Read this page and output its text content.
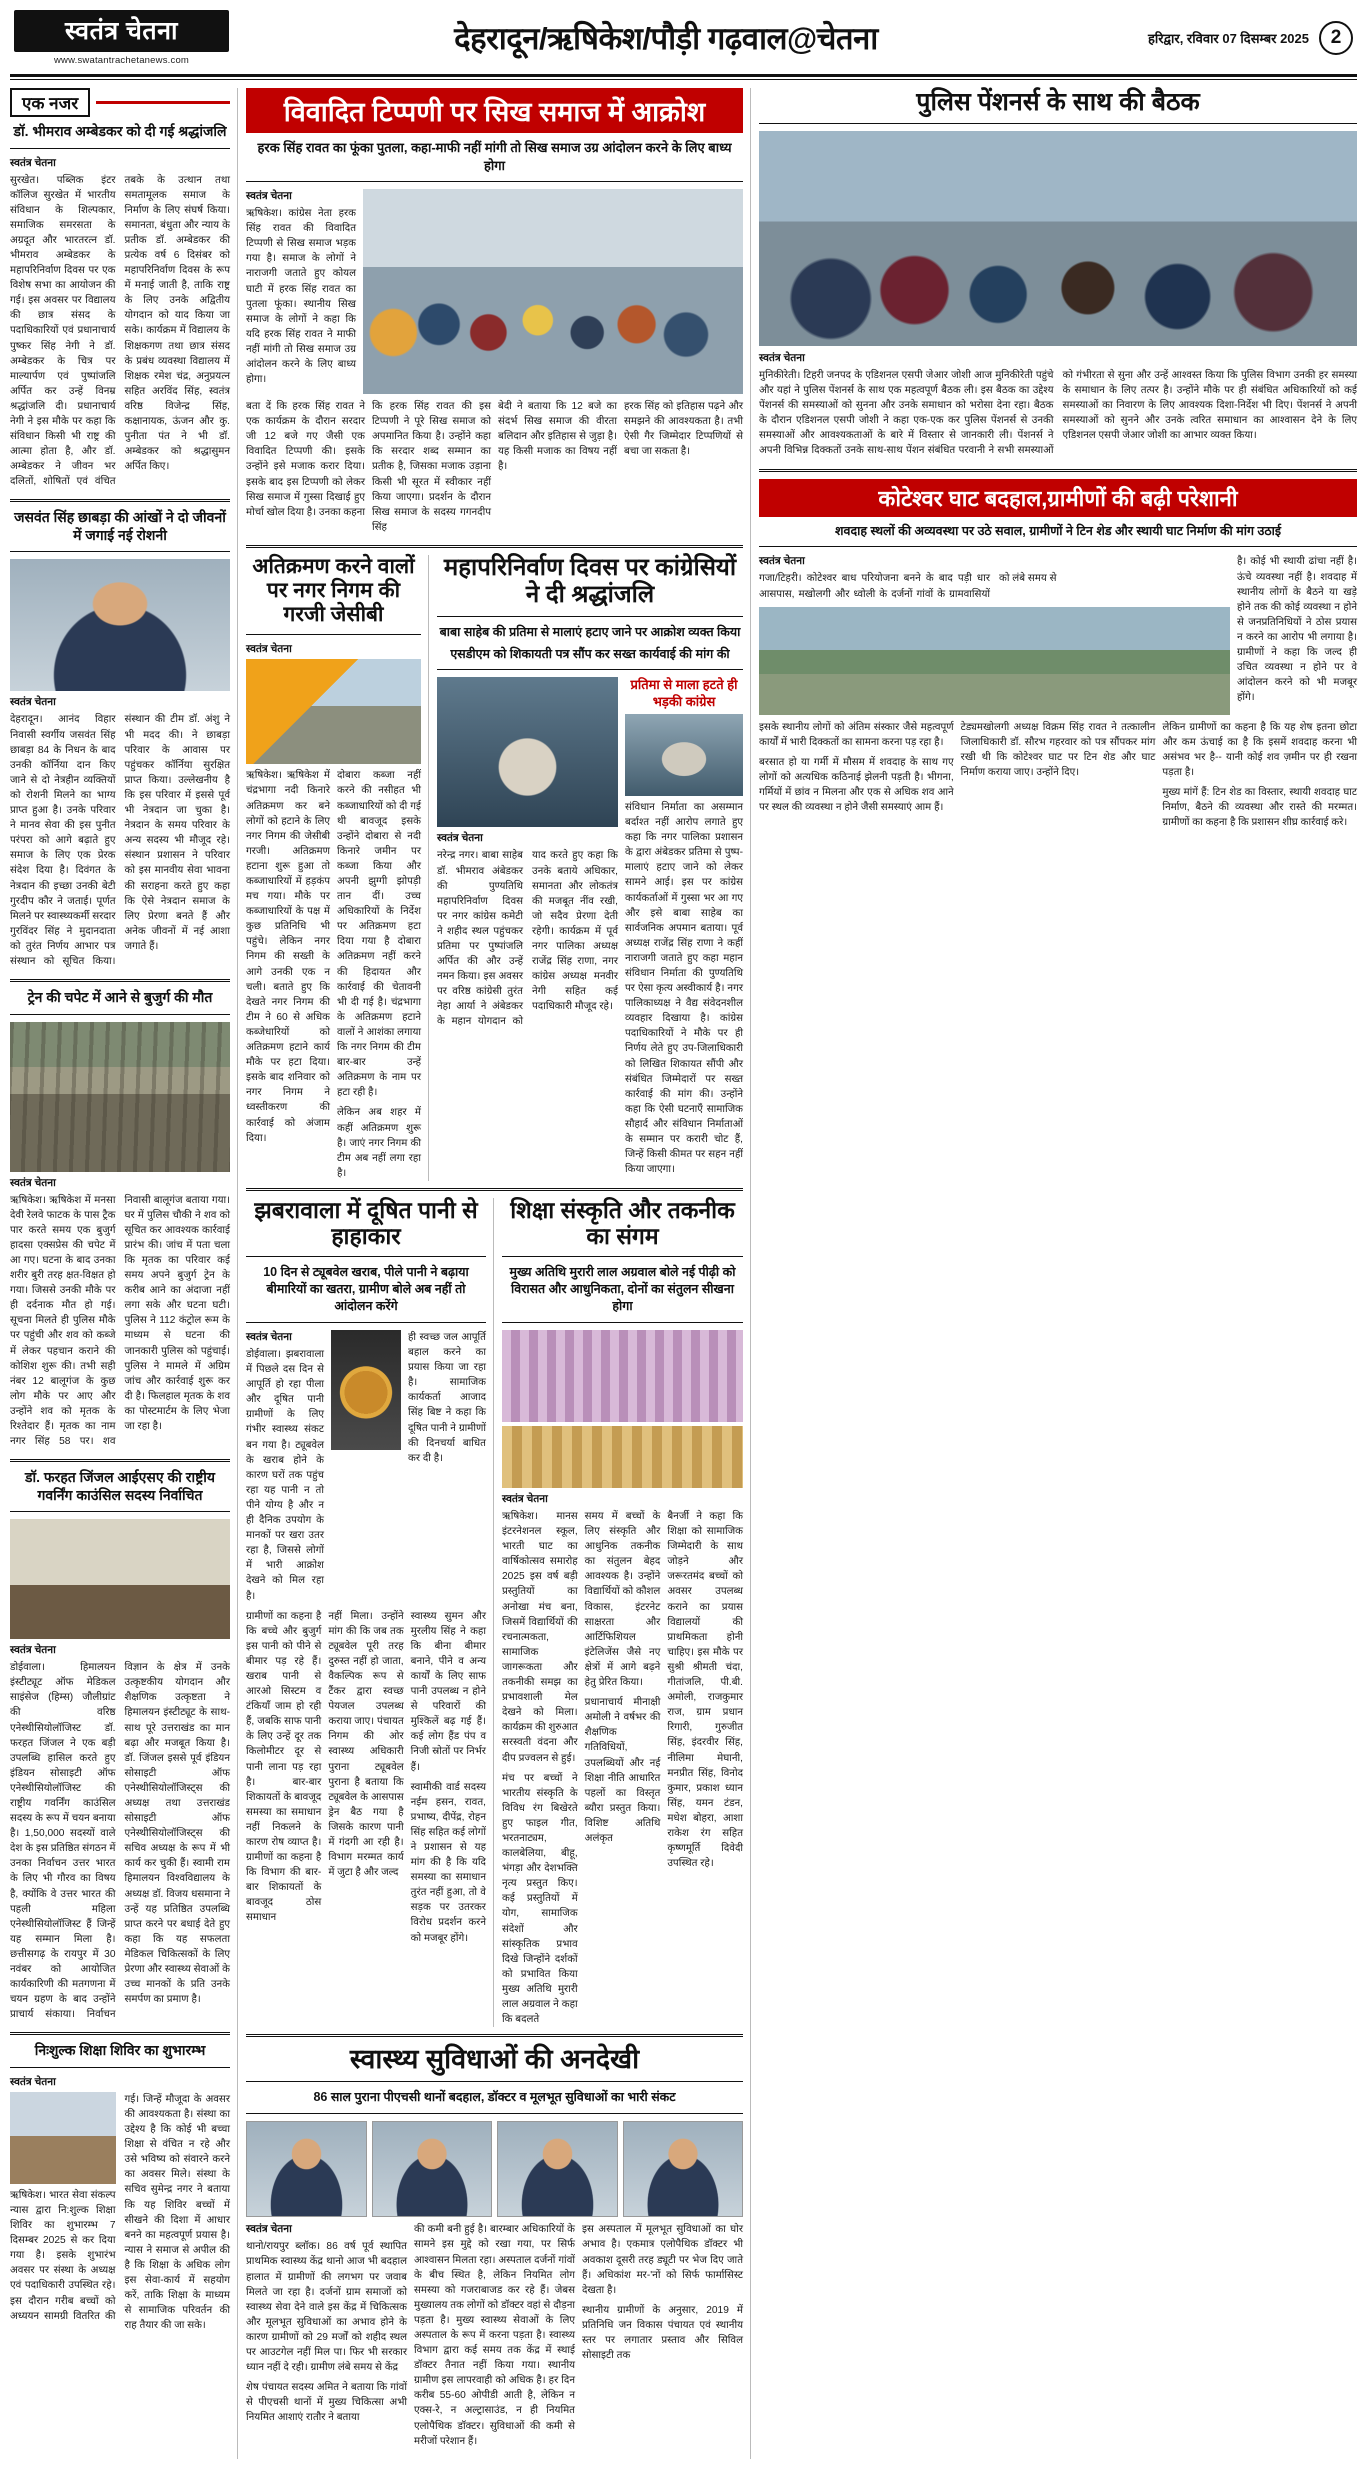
स्वतंत्र चेतना
www.swatantrachetanews.com
देहरादून/ऋषिकेश/पौड़ी गढ़वाल@चेतना	हरिद्वार, रविवार 07 दिसम्बर 2025	2
एक नजर
डॉ. भीमराव अम्बेडकर को दी गई श्रद्धांजलि
स्वतंत्र चेतना
सुरखेत। पब्लिक इंटर कॉलिज सुरखेत में भारतीय संविधान के शिल्पकार, समाजिक समरसता के अग्रदूत और भारतरत्न डॉ. भीमराव अम्बेडकर के महापरिनिर्वाण दिवस पर एक विशेष सभा का आयोजन की गई। इस अवसर पर विद्यालय की छात्र संसद के पदाधिकारियों एवं प्रधानाचार्य पुष्कर सिंह नेगी ने डॉ. अम्बेडकर के चित्र पर माल्यार्पण एवं पुष्पांजलि अर्पित कर उन्हें विनम्र श्रद्धांजलि दी। प्रधानाचार्य नेगी ने इस मौके पर कहा कि संविधान किसी भी राष्ट्र की आत्मा होता है, और डॉ. अम्बेडकर ने जीवन भर दलितों, शोषितों एवं वंचित तबके के उत्थान तथा समतामूलक समाज के निर्माण के लिए संघर्ष किया। समानता, बंधुता और न्याय के प्रतीक डॉ. अम्बेडकर की प्रत्येक वर्ष 6 दिसंबर को महापरिनिर्वाण दिवस के रूप में मनाई जाती है, ताकि राष्ट्र के लिए उनके अद्वितीय योगदान को याद किया जा सके। कार्यक्रम में विद्यालय के शिक्षकगण तथा छात्र संसद के प्रबंध व्यवस्था विद्यालय में शिक्षक रमेश चंद्र, अनुप्रयत्न सहित अरविंद सिंह, स्वतंत्र वरिष्ठ विजेन्द्र सिंह, कक्षानायक, ऊंजन और कु. पुनीता पंत ने भी डॉ. अम्बेडकर को श्रद्धासुमन अर्पित किए।
जसवंत सिंह छाबड़ा की आंखों ने दो जीवनों में जगाई नई रोशनी
स्वतंत्र चेतना
देहरादून। आनंद विहार निवासी स्वर्गीय जसवंत सिंह छाबड़ा 84 के निधन के बाद उनकी कॉर्निया दान किए जाने से दो नेत्रहीन व्यक्तियों को रोशनी मिलने का भाग्य प्राप्त हुआ है। उनके परिवार ने मानव सेवा की इस पुनीत परंपरा को आगे बढ़ाते हुए समाज के लिए एक प्रेरक संदेश दिया है। दिवंगत के नेत्रदान की इच्छा उनकी बेटी गुरदीप कौर ने जताई। पूर्णत मिलने पर स्वास्थ्यकर्मी सरदार गुरविंदर सिंह ने मुदानदाता को तुरंत निर्णय आभार पत्र संस्थान को सूचित किया। संस्थान की टीम डॉ. अंशु ने भी मदद की। ने छाबड़ा परिवार के आवास पर पहुंचकर कॉर्निया सुरक्षित प्राप्त किया। उल्लेखनीय है कि इस परिवार में इससे पूर्व भी नेत्रदान जा चुका है। नेत्रदान के समय परिवार के अन्य सदस्य भी मौजूद रहे। संस्थान प्रशासन ने परिवार को इस मानवीय सेवा भावना की सराहना करते हुए कहा कि ऐसे नेत्रदान समाज के लिए प्रेरणा बनते हैं और अनेक जीवनों में नई आशा जगाते हैं।
ट्रेन की चपेट में आने से बुजुर्ग की मौत
स्वतंत्र चेतना
ऋषिकेश। ऋषिकेश में मनसा देवी रेलवे फाटक के पास ट्रैक पार करते समय एक बुजुर्ग हादसा एक्सप्रेस की चपेट में आ गए। घटना के बाद उनका शरीर बुरी तरह क्षत-विक्षत हो गया। जिससे उनकी मौके पर ही दर्दनाक मौत हो गई। सूचना मिलते ही पुलिस मौके पर पहुंची और शव को कब्जे में लेकर पहचान कराने की कोशिश शुरू की। तभी सही नंबर 12 बालूगंज के कुछ लोग मौके पर आए और उन्होंने शव को मृतक के रिश्तेदार हैं। मृतक का नाम नगर सिंह 58 पर। शव निवासी बालूगंज बताया गया। घर में पुलिस चौकी ने शव को सूचित कर आवश्यक कार्रवाई प्रारंभ की। जांच में पता चला कि मृतक का परिवार कई समय अपने बुजुर्ग ट्रेन के करीब आने का अंदाजा नहीं लगा सके और घटना घटी। पुलिस ने 112 कंट्रोल रूम के माध्यम से घटना की जानकारी पुलिस को पहुंचाई। पुलिस ने मामले में अग्रिम जांच और कार्रवाई शुरू कर दी है। फिलहाल मृतक के शव का पोस्टमार्टम के लिए भेजा जा रहा है।
डॉ. फरहत जिंजल आईएसए की राष्ट्रीय गवर्निंग काउंसिल सदस्य निर्वाचित
स्वतंत्र चेतना
डोईवाला। हिमालयन इंस्टीट्यूट ऑफ मेडिकल साइंसेज (हिम्स) जौलीग्रांट की वरिष्ठ एनेस्थीसियोलॉजिस्ट डॉ. फरहत जिंजल ने एक बड़ी उपलब्धि हासिल करते हुए इंडियन सोसाइटी ऑफ एनेस्थीसियोलॉजिस्ट की राष्ट्रीय गवर्निंग काउंसिल सदस्य के रूप में चयन बनाया है। 1,50,000 सदस्यों वाले देश के इस प्रतिष्ठित संगठन में उनका निर्वाचन उत्तर भारत के लिए भी गौरव का विषय है, क्योंकि वे उत्तर भारत की पहली महिला एनेस्थीसियोलॉजिस्ट हैं जिन्हें यह सम्मान मिला है। छत्तीसगढ़ के रायपुर में 30 नवंबर को आयोजित कार्यकारिणी की मतगणना में चयन ग्रहण के बाद उन्होंने प्राचार्य संकाया। निर्वाचन विज्ञान के क्षेत्र में उनके उत्कृष्टकीय योगदान और शैक्षणिक उत्कृष्टता ने हिमालयन इंस्टीट्यूट के साथ-साथ पूरे उत्तराखंड का मान बढ़ा और मजबूत किया है। डॉ. जिंजल इससे पूर्व इंडियन सोसाइटी ऑफ एनेस्थीसियोलॉजिस्ट्स की अध्यक्ष तथा उत्तराखंड सोसाइटी ऑफ एनेस्थीसियोलॉजिस्ट्स की सचिव अध्यक्ष के रूप में भी कार्य कर चुकी हैं। स्वामी राम हिमालयन विश्वविद्यालय के अध्यक्ष डॉ. विजय धसमाना ने उन्हें यह प्रतिष्ठित उपलब्धि प्राप्त करने पर बधाई देते हुए कहा कि यह सफलता मेडिकल चिकित्सकों के लिए प्रेरणा और स्वास्थ्य सेवाओं के उच्च मानकों के प्रति उनके समर्पण का प्रमाण है।
निःशुल्क शिक्षा शिविर का शुभारम्भ
स्वतंत्र चेतना
ऋषिकेश। भारत सेवा संकल्प न्यास द्वारा नि:शुल्क शिक्षा शिविर का शुभारम्भ 7 दिसम्बर 2025 से कर दिया गया है। इसके शुभारंभ अवसर पर संस्था के अध्यक्ष एवं पदाधिकारी उपस्थित रहे। इस दौरान गरीब बच्चों को अध्ययन सामग्री वितरित की गई। जिन्हें मौजूदा के अवसर की आवश्यकता है। संस्था का उद्देश्य है कि कोई भी बच्चा शिक्षा से वंचित न रहे और उसे भविष्य को संवारने करने का अवसर मिले। संस्था के सचिव सुमेन्द्र नगर ने बताया कि यह शिविर बच्चों में सीखने की दिशा में आधार बनने का महत्वपूर्ण प्रयास है। न्यास ने समाज से अपील की है कि शिक्षा के अधिक लोग इस सेवा-कार्य में सहयोग करें, ताकि शिक्षा के माध्यम से सामाजिक परिवर्तन की राह तैयार की जा सके।
विवादित टिप्पणी पर सिख समाज में आक्रोश
हरक सिंह रावत का फूंका पुतला, कहा-माफी नहीं मांगी तो सिख समाज उग्र आंदोलन करने के लिए बाध्य होगा
स्वतंत्र चेतना
ऋषिकेश। कांग्रेस नेता हरक सिंह रावत की विवादित टिप्पणी से सिख समाज भड़क गया है। समाज के लोगों ने नाराजगी जताते हुए कोयल घाटी में हरक सिंह रावत का पुतला फूंका। स्थानीय सिख समाज के लोगों ने कहा कि यदि हरक सिंह रावत ने माफी नहीं मांगी तो सिख समाज उग्र आंदोलन करने के लिए बाध्य होगा।
बता दें कि हरक सिंह रावत ने एक कार्यक्रम के दौरान सरदार जी 12 बजे गए जैसी एक विवादित टिप्पणी की। इसके उन्होंने इसे मजाक करार दिया। इसके बाद इस टिप्पणी को लेकर सिख समाज में गुस्सा दिखाई हुए मोर्चा खोल दिया है। उनका कहना
कि हरक सिंह रावत की इस टिप्पणी ने पूरे सिख समाज को अपमानित किया है। उन्होंने कहा कि सरदार शब्द सम्मान का प्रतीक है, जिसका मजाक उड़ाना किसी भी सूरत में स्वीकार नहीं किया जाएगा। प्रदर्शन के दौरान सिख समाज के सदस्य गगनदीप सिंह
बेदी ने बताया कि 12 बजे का संदर्भ सिख समाज की वीरता बलिदान और इतिहास से जुड़ा है। यह किसी मजाक का विषय नहीं है।
हरक सिंह को इतिहास पढ़ने और समझने की आवश्यकता है। तभी ऐसी गैर जिम्मेदार टिप्पणियों से बचा जा सकता है।
अतिक्रमण करने वालों पर नगर निगम की गरजी जेसीबी
स्वतंत्र चेतना
ऋषिकेश। ऋषिकेश में चंद्रभागा नदी किनारे अतिक्रमण कर बने लोगों को हटाने के लिए नगर निगम की जेसीबी गरजी। अतिक्रमण हटाना शुरू हुआ तो कब्जाधारियों में हड़कंप मच गया। मौके पर कब्जाधारियों के पक्ष में कुछ प्रतिनिधि भी पहुंचे। लेकिन नगर निगम की सख्ती के आगे उनकी एक न चली। बताते हुए कि देखते नगर निगम की टीम ने 60 से अधिक कब्जेधारियों को अतिक्रमण हटाने कार्य मौके पर हटा दिया। इसके बाद शनिवार को नगर निगम ने ध्वस्तीकरण की कार्रवाई को अंजाम दिया।
दोबारा कब्जा नहीं करने की नसीहत भी कब्जाधारियों को दी गई थी बावजूद इसके उन्होंने दोबारा से नदी किनारे जमीन पर कब्जा किया और अपनी झुग्गी झोपड़ी तान दीं। उच्च अधिकारियों के निर्देश पर अतिक्रमण हटा दिया गया है दोबारा अतिक्रमण नहीं करने की हिदायत और कार्रवाई की चेतावनी भी दी गई है। चंद्रभागा के अतिक्रमण हटाने वालों ने आशंका लगाया कि नगर निगम की टीम बार-बार उन्हें अतिक्रमण के नाम पर हटा रही है।
लेकिन अब शहर में कहीं अतिक्रमण शुरू है। जाएं नगर निगम की टीम अब नहीं लगा रहा है।
महापरिनिर्वाण दिवस पर कांग्रेसियों ने दी श्रद्धांजलि
बाबा साहेब की प्रतिमा से मालाएं हटाए जाने पर आक्रोश व्यक्त किया
एसडीएम को शिकायती पत्र सौंप कर सख्त कार्यवाई की मांग की
स्वतंत्र चेतना
नरेन्द्र नगर। बाबा साहेब डॉ. भीमराव अंबेडकर की पुण्यतिथि महापरिनिर्वाण दिवस पर नगर कांग्रेस कमेटी ने शहीद स्थल पहुंचकर प्रतिमा पर पुष्पांजलि अर्पित की और उन्हें नमन किया। इस अवसर पर वरिष्ठ कांग्रेसी तुरंत नेहा आर्या ने अंबेडकर के महान योगदान को याद करते हुए कहा कि उनके बताये अधिकार, समानता और लोकतंत्र की मजबूत नींव रखी, जो सदैव प्रेरणा देती रहेगी। कार्यक्रम में पूर्व नगर पालिका अध्यक्ष राजेंद्र सिंह राणा, नगर कांग्रेस अध्यक्ष मनवीर नेगी सहित कई पदाधिकारी मौजूद रहे।
प्रतिमा से माला हटते ही भड़की कांग्रेस
संविधान निर्माता का असम्मान बर्दाश्त नहीं आरोप लगाते हुए कहा कि नगर पालिका प्रशासन के द्वारा अंबेडकर प्रतिमा से पुष्प-मालाएं हटाए जाने को लेकर सामने आई। इस पर कांग्रेस कार्यकर्ताओं में गुस्सा भर आ गए और इसे बाबा साहेब का सार्वजनिक अपमान बताया। पूर्व अध्यक्ष राजेंद्र सिंह राणा ने कहीं नाराजगी जताते हुए कहा महान संविधान निर्माता की पुण्यतिथि पर ऐसा कृत्य अस्वीकार्य है। नगर पालिकाध्यक्ष ने वैद्य संवेदनशील व्यवहार दिखाया है। कांग्रेस पदाधिकारियों ने मौके पर ही निर्णय लेते हुए उप-जिलाधिकारी को लिखित शिकायत सौंपी और संबंधित जिम्मेदारों पर सख्त कार्रवाई की मांग की। उन्होंने कहा कि ऐसी घटनाएँ सामाजिक सौहार्द और संविधान निर्माताओं के सम्मान पर करारी चोट हैं, जिन्हें किसी कीमत पर सहन नहीं किया जाएगा।
झबरावाला में दूषित पानी से हाहाकार
10 दिन से ट्यूबवेल खराब, पीले पानी ने बढ़ाया बीमारियों का खतरा, ग्रामीण बोले अब नहीं तो आंदोलन करेंगे
स्वतंत्र चेतना
डोईवाला। झबरावाला में पिछले दस दिन से आपूर्ति हो रहा पीला और दूषित पानी ग्रामीणों के लिए गंभीर स्वास्थ्य संकट बन गया है। ट्यूबवेल के खराब होने के कारण घरों तक पहुंच रहा यह पानी न तो पीने योग्य है और न ही दैनिक उपयोग के मानकों पर खरा उतर रहा है, जिससे लोगों में भारी आक्रोश देखने को मिल रहा है।
ही स्वच्छ जल आपूर्ति बहाल करने का प्रयास किया जा रहा है। सामाजिक कार्यकर्ता आजाद सिंह बिष्ट ने कहा कि दूषित पानी ने ग्रामीणों की दिनचर्या बाधित कर दी है।
ग्रामीणों का कहना है कि बच्चे और बुजुर्ग इस पानी को पीने से बीमार पड़ रहे हैं। खराब पानी से आरओ सिस्टम व टंकियाँ जाम हो रही हैं, जबकि साफ पानी के लिए उन्हें दूर तक किलोमीटर दूर से पानी लाना पड़ रहा है। बार-बार शिकायतों के बावजूद समस्या का समाधान नहीं निकलने के कारण रोष व्याप्त है। ग्रामीणों का कहना है कि विभाग की बार-बार शिकायतों के बावजूद ठोस समाधान
नहीं मिला। उन्होंने मांग की कि जब तक ट्यूबवेल पूरी तरह दुरुस्त नहीं हो जाता, वैकल्पिक रूप से टैंकर द्वारा स्वच्छ पेयजल उपलब्ध कराया जाए। पंचायत निगम की ओर स्वास्थ्य अधिकारी पुराना ट्यूबवेल पुराना है बताया कि ट्यूबवेल के आसपास ड्रेन बैठ गया है जिसके कारण पानी में गंदगी आ रही है। विभाग मरम्मत कार्य में जुटा है और जल्द
स्वास्थ्य सुमन और मुरलीय सिंह ने कहा कि बीना बीमार बनाने, पीने व अन्य कार्यों के लिए साफ पानी उपलब्ध न होने से परिवारों की मुश्किलें बढ़ गई हैं। कई लोग हैंड पंप व निजी स्रोतों पर निर्भर हैं।
स्वामीकी वार्ड सदस्य नईम हसन, रावत, प्रभाष्य, दीपेंद्र, रोहन सिंह सहित कई लोगों ने प्रशासन से यह मांग की है कि यदि समस्या का समाधान तुरंत नहीं हुआ, तो वे सड़क पर उतरकर विरोध प्रदर्शन करने को मजबूर होंगे।
शिक्षा संस्कृति और तकनीक का संगम
मुख्य अतिथि मुरारी लाल अग्रवाल बोले नई पीढ़ी को विरासत और आधुनिकता, दोनों का संतुलन सीखना होगा
स्वतंत्र चेतना
ऋषिकेश। मानस इंटरनेशनल स्कूल, भारती घाट का वार्षिकोत्सव समारोह 2025 इस वर्ष बड़ी प्रस्तुतियों का अनोखा मंच बना, जिसमें विद्यार्थियों की रचनात्मकता, सामाजिक जागरूकता और तकनीकी समझ का प्रभावशाली मेल देखने को मिला। कार्यक्रम की शुरुआत सरस्वती वंदना और दीप प्रज्वलन से हुई।
मंच पर बच्चों ने भारतीय संस्कृति के विविध रंग बिखेरते हुए फाइल गीत, भरतनाट्यम, कालबेलिया, बीहू, भंगड़ा और देशभक्ति नृत्य प्रस्तुत किए। कई प्रस्तुतियों में योग, सामाजिक संदेशों और सांस्कृतिक प्रभाव दिखे जिन्होंने दर्शकों को प्रभावित किया मुख्य अतिथि मुरारी लाल अग्रवाल ने कहा कि बदलते
समय में बच्चों के लिए संस्कृति और आधुनिक तकनीक का संतुलन बेहद आवश्यक है। उन्होंने विद्यार्थियों को कौशल विकास, इंटरनेट साक्षरता और आर्टिफिशियल इंटेलिजेंस जैसे नए क्षेत्रों में आगे बढ़ने हेतु प्रेरित किया।
प्रधानाचार्य मीनाक्षी अमोली ने वर्षभर की शैक्षणिक गतिविधियों, उपलब्धियों और नई शिक्षा नीति आधारित पहलों का विस्तृत ब्यौरा प्रस्तुत किया। विशिष्ट अतिथि अलंकृत
बैनर्जी ने कहा कि शिक्षा को सामाजिक जिम्मेदारी के साथ जोड़ने और जरूरतमंद बच्चों को अवसर उपलब्ध कराने का प्रयास विद्यालयों की प्राथमिकता होनी चाहिए। इस मौके पर सुश्री श्रीमती चंदा, गीतांजलि, पी.बी. अमोली, राजकुमार राज, ग्राम प्रधान रिगारी, गुरुजीत सिंह, इंदरवीर सिंह, नीलिमा मेघानी, मनप्रीत सिंह, विनोद कुमार, प्रकाश ध्यान सिंह, यमन टंडन, मधेश बोहरा, आशा राकेश रंग सहित कृष्णमूर्ति दिवेदी उपस्थित रहे।
स्वास्थ्य सुविधाओं की अनदेखी
86 साल पुराना पीएचसी थानों बदहाल, डॉक्टर व मूलभूत सुविधाओं का भारी संकट
स्वतंत्र चेतना
थानो/रायपुर ब्लॉक। 86 वर्ष पूर्व स्थापित प्राथमिक स्वास्थ्य केंद्र थानो आज भी बदहाल हालात में ग्रामीणों की लगभग पर जवाब मिलते जा रहा है। दर्जनों ग्राम समाजों को स्वास्थ्य सेवा देने वाले इस केंद्र में चिकित्सक और मूलभूत सुविधाओं का अभाव होने के कारण ग्रामीणों को 29 मर्जों को शहीद स्थल पर आउटगेल नहीं मिल पा। फिर भी सरकार ध्यान नहीं दे रही। ग्रामीण लंबे समय से केंद्र
शेष पंचायत सदस्य अमित ने बताया कि गांवों से पीएचसी थानों में मुख्य चिकित्सा अभी नियमित आशाएं रातौर ने बताया
की कमी बनी हुई है। बारम्बार अधिकारियों के सामने इस मुद्दे को रखा गया, पर सिर्फ आश्वासन मिलता रहा। अस्पताल दर्जनों गांवों के बीच स्थित है, लेकिन नियमित लोग समस्या को गजराबाजड कर रहे हैं। जेबस मुख्यालय तक लोगों को डॉक्टर वहां से दौड़ना पड़ता है। मुख्य स्वास्थ्य सेवाओं के लिए अस्पताल के रूप में करना पड़ता है। स्वास्थ्य विभाग द्वारा कई समय तक केंद्र में स्थाई डॉक्टर तैनात नहीं किया गया। स्थानीय ग्रामीण इस लापरवाही को अधिक है। हर दिन करीब 55-60 ओपीडी आती है, लेकिन न एक्स-रे, न अल्ट्रासाउंड, न ही नियमित एलोपैथिक डॉक्टर। सुविधाओं की कमी से मरीजों परेशान हैं।
इस अस्पताल में मूलभूत सुविधाओं का घोर अभाव है। एकमात्र एलोपैथिक डॉक्टर भी अवकाश दूसरी तरह ड्यूटी पर भेज दिए जाते हैं। अधिकांश मर-'नों को सिर्फ फार्मासिस्ट देखता है।
स्थानीय ग्रामीणों के अनुसार, 2019 में प्रतिनिधि जन विकास पंचायत एवं स्थानीय स्तर पर लगातार प्रस्ताव और सिविल सोसाइटी तक
पुलिस पेंशनर्स के साथ की बैठक
स्वतंत्र चेतना
मुनिकीरेती। टिहरी जनपद के एडिशनल एसपी जेआर जोशी आज मुनिकीरेती पहुंचे और यहां ने पुलिस पेंशनर्स के साथ एक महत्वपूर्ण बैठक ली। इस बैठक का उद्देश्य पेंशनर्स की समस्याओं को सुनना और उनके समाधान को भरोसा देना रहा। बैठक के दौरान एडिशनल एसपी जोशी ने कहा एक-एक कर पुलिस पेंशनर्स से उनकी समस्याओं और आवश्यकताओं के बारे में विस्तार से जानकारी ली। पेंशनर्स ने अपनी विभिन्न दिक्कतों उनके साथ-साथ पेंशन संबंधित परवानी ने सभी समस्याओं को गंभीरता से सुना और उन्हें आश्वस्त किया कि पुलिस विभाग उनकी हर समस्या के समाधान के लिए तत्पर है। उन्होंने मौके पर ही संबंधित अधिकारियों को कई समस्याओं का निवारण के लिए आवश्यक दिशा-निर्देश भी दिए। पेंशनर्स ने अपनी समस्याओं को सुनने और उनके त्वरित समाधान का आश्वासन देने के लिए एडिशनल एसपी जेआर जोशी का आभार व्यक्त किया।
कोटेश्वर घाट बदहाल,ग्रामीणों की बढ़ी परेशानी
शवदाह स्थलों की अव्यवस्था पर उठे सवाल, ग्रामीणों ने टिन शेड और स्थायी घाट निर्माण की मांग उठाई
स्वतंत्र चेतना
गजा/टिहरी। कोटेश्वर बाध परियोजना बनने के बाद पड़ी धार आसपास, मखोलगी और ध्वोली के दर्जनों गांवों के ग्रामवासियों को लंबे समय से
है। कोई भी स्थायी ढांचा नहीं है। ऊंचे व्यवस्था नहीं है। शवदाह में स्थानीय लोगों के बैठने या खड़े होने तक की कोई व्यवस्था न होने से जनप्रतिनिधियों ने ठोस प्रयास न करने का आरोप भी लगाया है। ग्रामीणों ने कहा कि जल्द ही उचित व्यवस्था न होने पर वे आंदोलन करने को भी मजबूर होंगे।
इसके स्थानीय लोगों को अंतिम संस्कार जैसे महत्वपूर्ण कार्यों में भारी दिक्कतों का सामना करना पड़ रहा है।
बरसात हो या गर्मी में मौसम में शवदाह के साथ गए लोगों को अत्यधिक कठिनाई झेलनी पड़ती है। भीगना, गर्मियों में छांव न मिलना और एक से अधिक शव आने पर स्थल की व्यवस्था न होने जैसी समस्याएं आम हैं।
टेड्यमखोलगी अध्यक्ष विक्रम सिंह रावत ने तत्कालीन जिलाधिकारी डॉ. सौरभ गहरवार को पत्र सौंपकर मांग रखी थी कि कोटेश्वर घाट पर टिन शेड और घाट निर्माण कराया जाए। उन्होंने दिए।
लेकिन ग्रामीणों का कहना है कि यह शेष इतना छोटा और कम ऊंचाई का है कि इसमें शवदाह करना भी असंभव भर है-- यानी कोई शव ज़मीन पर ही रखना पड़ता है।
मुख्य मांगें हैं: टिन शेड का विस्तार, स्थायी शवदाह घाट निर्माण, बैठने की व्यवस्था और रास्ते की मरम्मत। ग्रामीणों का कहना है कि प्रशासन शीघ्र कार्रवाई करे।
